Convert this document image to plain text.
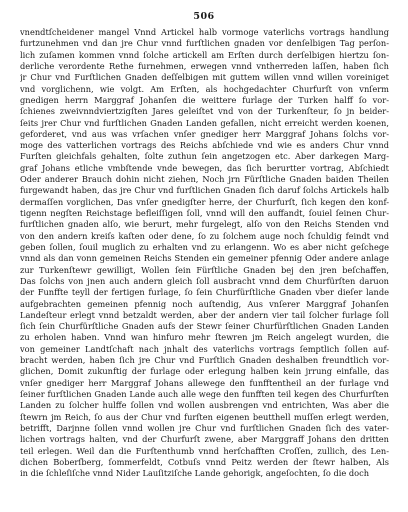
506
vnendtſcheidener mangel Vnnd Artickel halb vormoge vaterlichs vortrags handlung
furtzunehmen vnd dan jre Chur vnnd furſtlichen gnaden vor denſelbigen Tag perſon-
lich zuſamen kommen vnnd ſolche artickell am Erſten durch derſelbigen hiertzu ſon-
derliche verordente Rethe furnehmen, erwegen vnnd vntherreden laſſen, haben ſich
jr Chur vnd Furſtlichen Gnaden deſſelbigen mit guttem willen vnnd willen voreiniget
vnd vorglichenn, wie volgt. Am Erſten, als hochgedachter Churfurſt von vnſerm
gnedigen herrn Marggraf Johanſen die weittere furlage der Turken halff ſo vor-
ſchienes zweivnndviertzigſten Jares geleiſtet vnd von der Turkenſteur, ſo jn beider-
ſeits jrer Chur vnd furſtlichen Gnaden Landen gefallen, nicht erreicht werden koenen,
geforderet, vnd aus was vrſachen vnſer gnediger herr Marggraf Johans ſolchs vor-
moge des vatterlichen vortrags des Reichs abſchiede vnd wie es anders Chur vnnd
Furſten gleichfals gehalten, ſolte zuthun ſein angetzogen etc. Aber darkegen Marg-
graf Johans etliche vmbſtende vnde bewegen, das ſich berurtter vortrag, Abſchiedt
Oder anderer Brauch dohin nicht ziehen, Noch jrn Fürſtliche Gnaden baiden Theilen
furgewandt haben, das jre Chur vnd furſtlichen Gnaden ſich daruf ſolchs Artickels halb
dermaſſen vorglichen, Das vnſer gnedigſter herre, der Churfurſt, ſich kegen den konf-
tigenn negſten Reichstage befleiſſigen ſoll, vnnd will den auffandt, ſouiel ſeinen Chur-
furſtlichen gnaden alſo, wie berurt, mehr furgelegt, alſo von den Reichs Stenden vnd
von den andern kreiſs kaſten oder dene, ſo zu ſolchem auge noch ſchuldig feindt vnd
geben ſollen, ſouil muglich zu erhalten vnd zu erlangenn. Wo es aber nicht geſchege
vnnd als dan vonn gemeinen Reichs Stenden ein gemeiner pfennig Oder andere anlage
zur Turkenſtewr gewilligt, Wollen ſein Fürſtliche Gnaden bej den jren beſchaffen,
Das ſolchs von jnen auch andern gleich ſoll ausbracht vnnd dem Churfürſten daruon
der Funffte teyll der fertigen furlage, ſo ſein Churfürſtliche Gnaden vber dieſer lande
aufgebrachten gemeinen pfennig noch auſtendig, Aus vnſerer Marggraf Johanſen
Landeſteur erlegt vnnd betzaldt werden, aber der andern vier tail ſolcher furlage ſoll
ſich ſein Churfürſtliche Gnaden aufs der Stewr ſeiner Churfürſtlichen Gnaden Landen
zu erholen haben. Vnnd wan hinfuro mehr ſtewren jm Reich angelegt wurden, die
von gemeiner Landtſchaft nach jnhalt des vaterlichs vortrags ſemptlich ſollen auf-
bracht werden, haben ſich jre Chur vnd Furſtlich Gnaden deshalben freundtlich vor-
glichen, Domit zukunftig der furlage oder erlegung halben kein jrrung einfalle, das
vnſer gnediger herr Marggraf Johans allewege den funfftentheil an der furlage vnd
ſeiner furſtlichen Gnaden Lande auch alle wege den funfften teil kegen des Churfurſten
Landen zu ſolcher hulffe ſollen vnd wollen ausbrengen vnd entrichten, Was aber die
ſtewrn jm Reich, ſo aus der Chur vnd furſten eigenen beutthell muſſen erlegt werden,
betrifft, Darjnne ſollen vnnd wollen jre Chur vnd furſtlichen Gnaden ſich des vater-
lichen vortrags halten, vnd der Churfurſt zwene, aber Marggraff Johans den dritten
teil erlegen. Weil dan die Furſtenthumb vnnd herſchafften Croſſen, zullich, des Len-
dichen Boberſberg, ſommerfeldt, Cotbuſs vnnd Peitz werden der ſtewr halben, Als
in die ſchleſiſche vnnd Nider Lauſitziſche Lande gehorigk, angeſochten, ſo die doch
